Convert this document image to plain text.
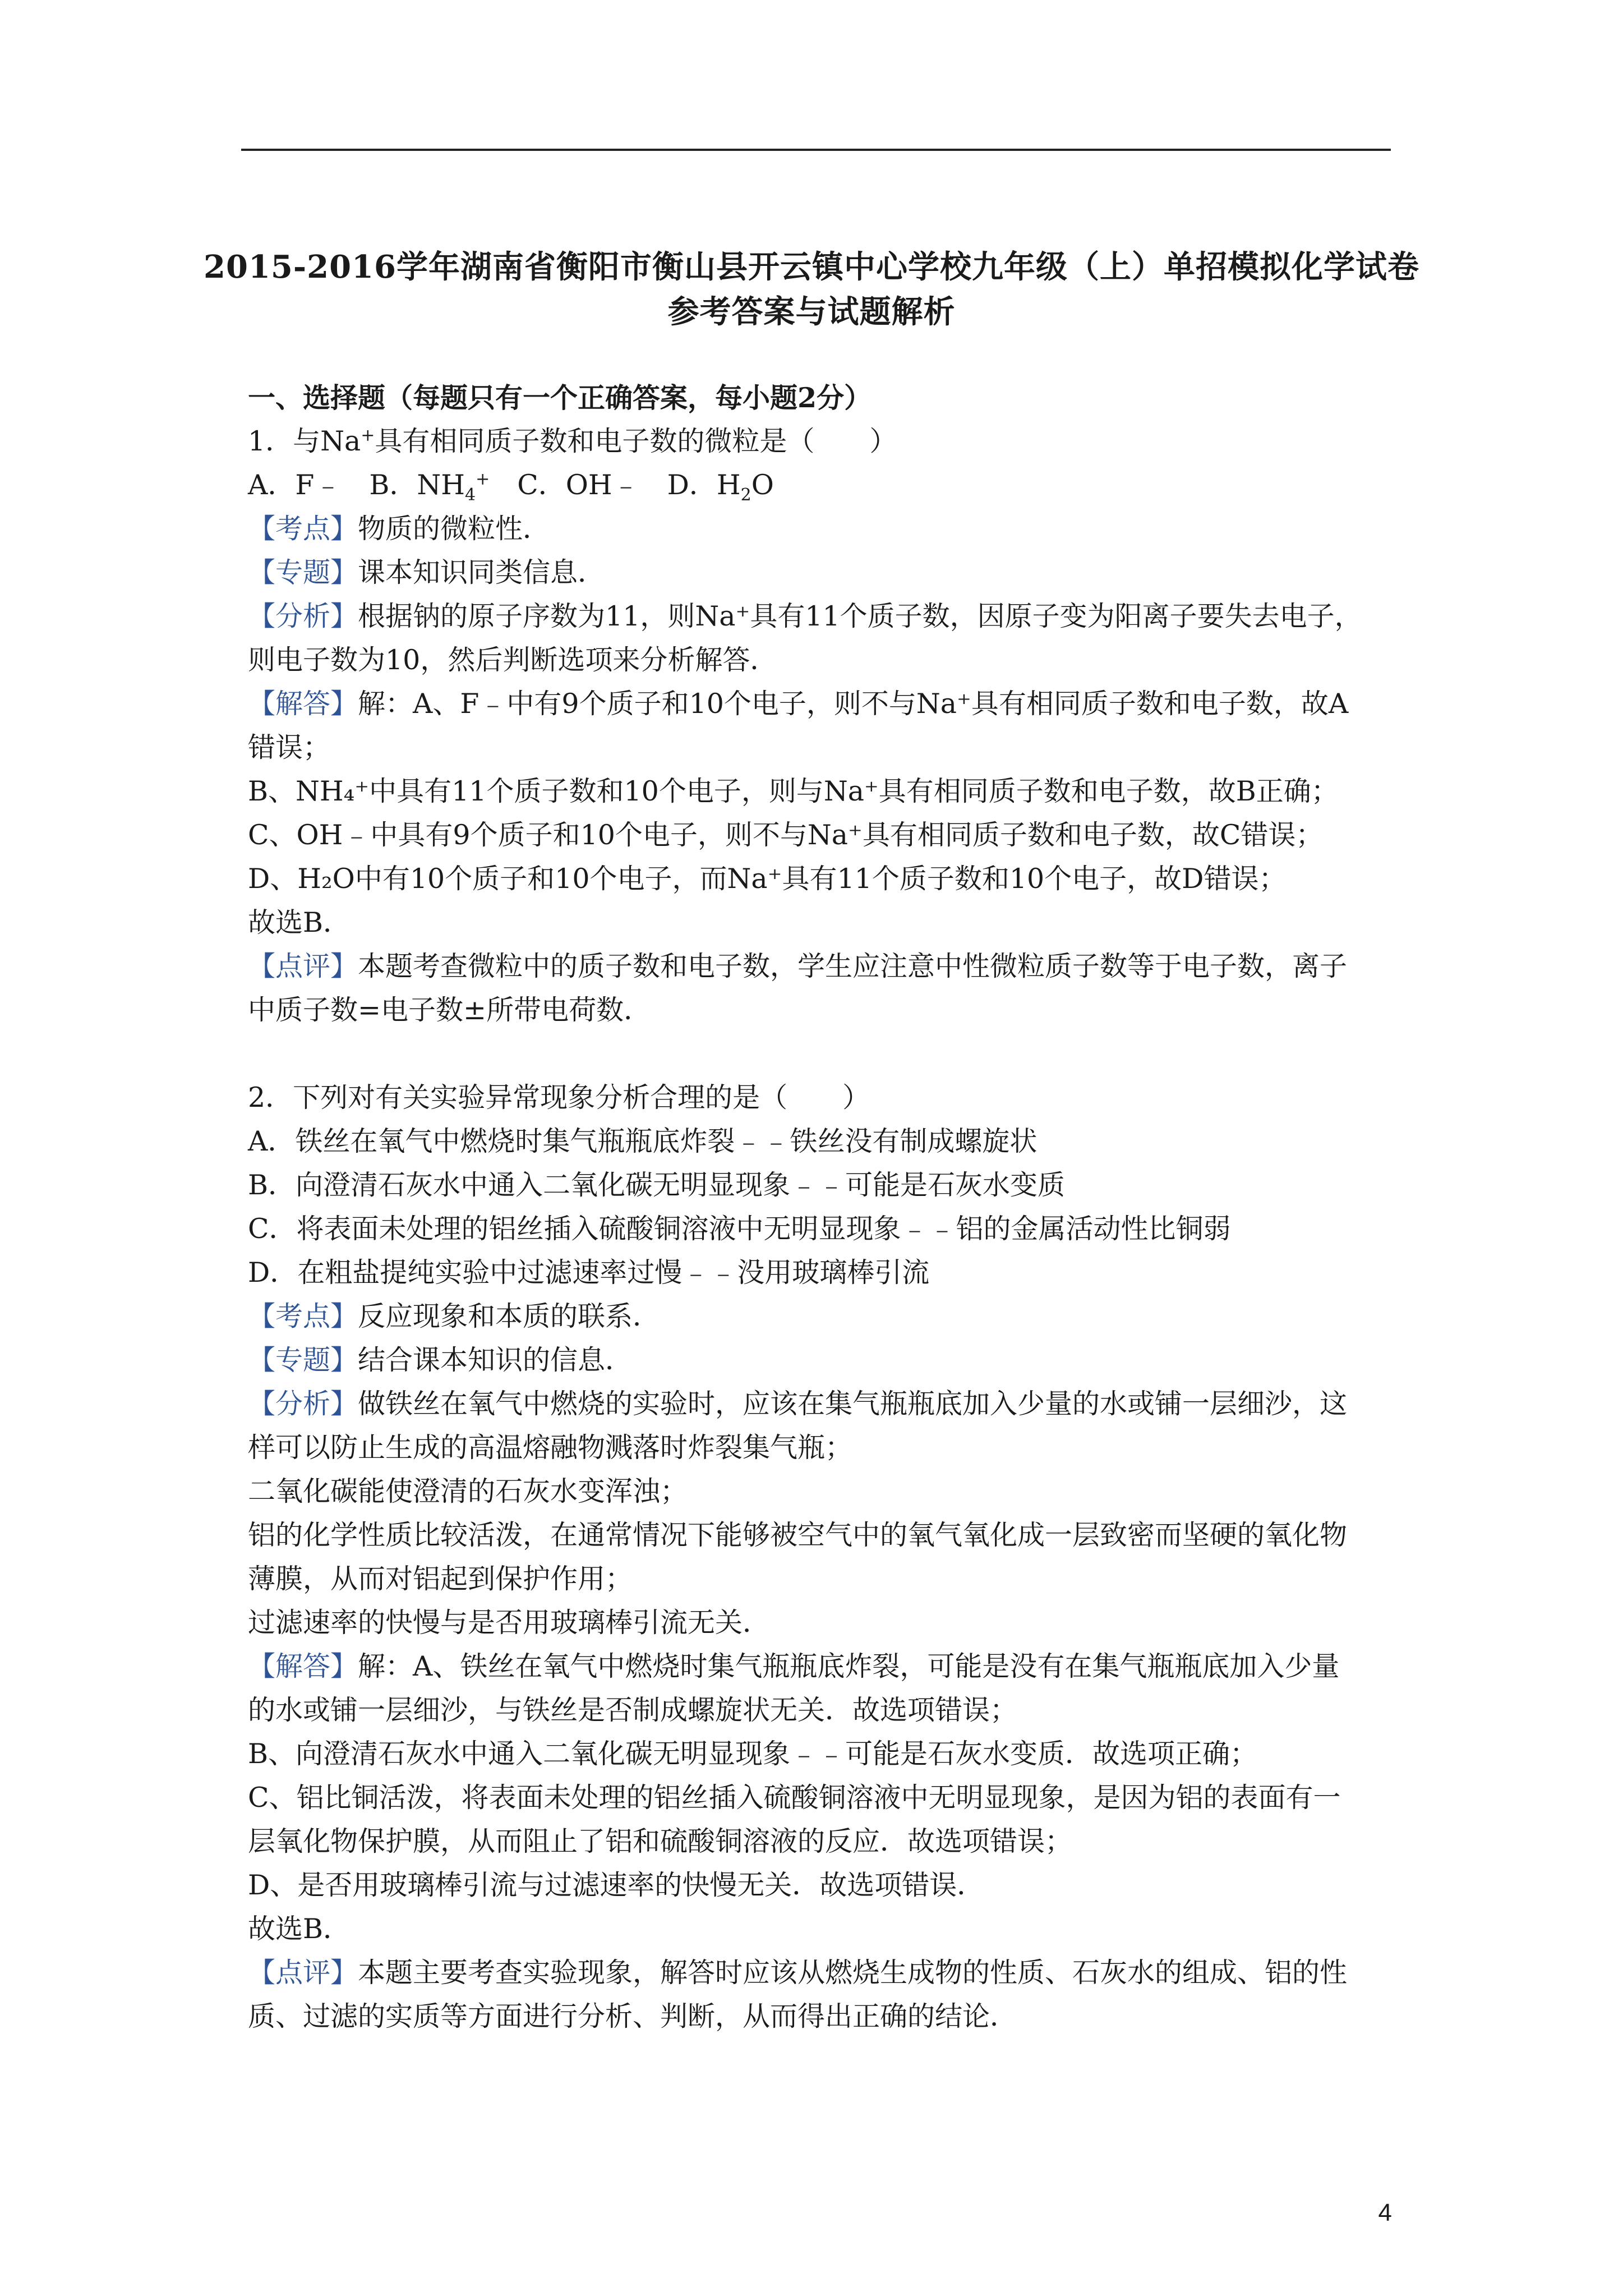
2015-2016学年湖南省衡阳市衡山县开云镇中心学校九年级（上）单招模拟化学试卷
参考答案与试题解析
一、选择题（每题只有一个正确答案，每小题2分）
1．与Na+具有相同质子数和电子数的微粒是（　　）
A．F﹣　B．$NH_4^+$　C．OH﹣　D．$H_2O$
【考点】物质的微粒性．
【专题】课本知识同类信息．
【分析】根据钠的原子序数为11，则Na⁺具有11个质子数，因原子变为阳离子要失去电子，
则电子数为10，然后判断选项来分析解答．
【解答】解：A、F﹣中有9个质子和10个电子，则不与Na⁺具有相同质子数和电子数，故A
错误；
B、NH₄⁺中具有11个质子数和10个电子，则与Na⁺具有相同质子数和电子数，故B正确；
C、OH﹣中具有9个质子和10个电子，则不与Na⁺具有相同质子数和电子数，故C错误；
D、H₂O中有10个质子和10个电子，而Na⁺具有11个质子数和10个电子，故D错误；
故选B．
【点评】本题考查微粒中的质子数和电子数，学生应注意中性微粒质子数等于电子数，离子
中质子数=电子数±所带电荷数．
2．下列对有关实验异常现象分析合理的是（　　）
A．铁丝在氧气中燃烧时集气瓶瓶底炸裂﹣﹣铁丝没有制成螺旋状
B．向澄清石灰水中通入二氧化碳无明显现象﹣﹣可能是石灰水变质
C．将表面未处理的铝丝插入硫酸铜溶液中无明显现象﹣﹣铝的金属活动性比铜弱
D．在粗盐提纯实验中过滤速率过慢﹣﹣没用玻璃棒引流
【考点】反应现象和本质的联系．
【专题】结合课本知识的信息．
【分析】做铁丝在氧气中燃烧的实验时，应该在集气瓶瓶底加入少量的水或铺一层细沙，这
样可以防止生成的高温熔融物溅落时炸裂集气瓶；
二氧化碳能使澄清的石灰水变浑浊；
铝的化学性质比较活泼，在通常情况下能够被空气中的氧气氧化成一层致密而坚硬的氧化物
薄膜，从而对铝起到保护作用；
过滤速率的快慢与是否用玻璃棒引流无关．
【解答】解：A、铁丝在氧气中燃烧时集气瓶瓶底炸裂，可能是没有在集气瓶瓶底加入少量
的水或铺一层细沙，与铁丝是否制成螺旋状无关．故选项错误；
B、向澄清石灰水中通入二氧化碳无明显现象﹣﹣可能是石灰水变质．故选项正确；
C、铝比铜活泼，将表面未处理的铝丝插入硫酸铜溶液中无明显现象，是因为铝的表面有一
层氧化物保护膜，从而阻止了铝和硫酸铜溶液的反应．故选项错误；
D、是否用玻璃棒引流与过滤速率的快慢无关．故选项错误．
故选B．
【点评】本题主要考查实验现象，解答时应该从燃烧生成物的性质、石灰水的组成、铝的性
质、过滤的实质等方面进行分析、判断，从而得出正确的结论．
4
